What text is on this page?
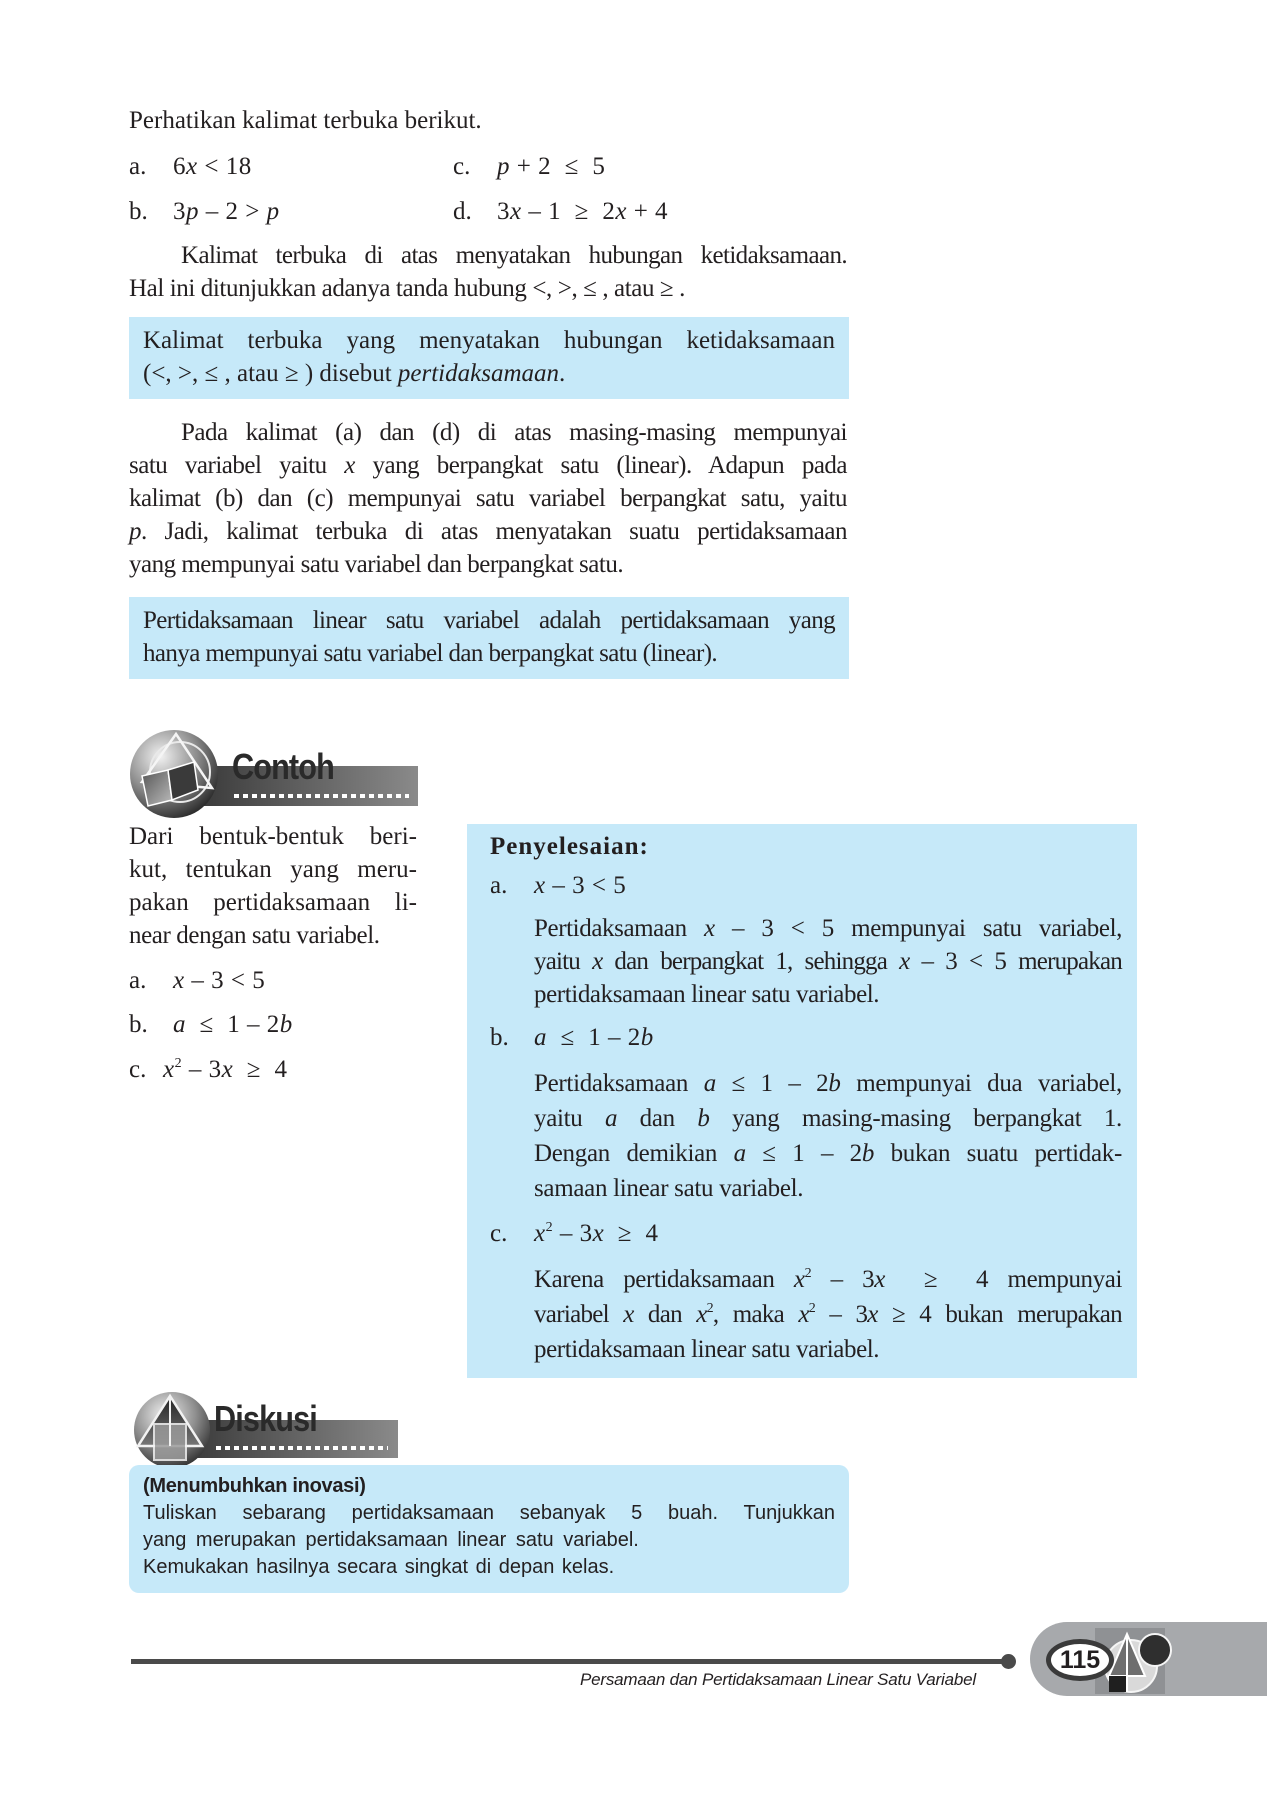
Perhatikan kalimat terbuka berikut.
a. 6x < 18	c. p + 2  ≤  5
b. 3p – 2 > p	d. 3x – 1  ≥  2x + 4
Kalimat terbuka di atas menyatakan hubungan ketidaksamaan.
Hal ini ditunjukkan adanya tanda hubung <, >, ≤ , atau ≥ .
Kalimat terbuka yang menyatakan hubungan ketidaksamaan
(<, >, ≤ , atau ≥ ) disebut pertidaksamaan.
Pada kalimat (a) dan (d) di atas masing-masing mempunyai
satu variabel yaitu x yang berpangkat satu (linear). Adapun pada
kalimat (b) dan (c) mempunyai satu variabel berpangkat satu, yaitu
p. Jadi, kalimat terbuka di atas menyatakan suatu pertidaksamaan
yang mempunyai satu variabel dan berpangkat satu.
Pertidaksamaan linear satu variabel adalah pertidaksamaan yang
hanya mempunyai satu variabel dan berpangkat satu (linear).
Contoh
Dari bentuk-bentuk beri-
kut, tentukan yang meru-
pakan pertidaksamaan li-
near dengan satu variabel.
a. x – 3 < 5
b. a  ≤  1 – 2b
c. $x^2 - 3x \ge 4$
Penyelesaian:
a. x – 3 < 5
Pertidaksamaan x – 3 < 5 mempunyai satu variabel,
yaitu x dan berpangkat 1, sehingga x – 3 < 5 merupakan
pertidaksamaan linear satu variabel.
b. a  ≤  1 – 2b
Pertidaksamaan a ≤ 1 – 2b mempunyai dua variabel,
yaitu a dan b yang masing-masing berpangkat 1.
Dengan demikian a ≤ 1 – 2b bukan suatu pertidak-
samaan linear satu variabel.
c. $x^2 - 3x \ge 4$
Karena pertidaksamaan $x^2 - 3x \ge 4$ mempunyai
variabel x dan $x^2$, maka $x^2 - 3x \ge 4$ bukan merupakan
pertidaksamaan linear satu variabel.
Diskusi
(Menumbuhkan inovasi)
Tuliskan sebarang pertidaksamaan sebanyak 5 buah. Tunjukkan
yang merupakan pertidaksamaan linear satu variabel.
Kemukakan hasilnya secara singkat di depan kelas.
Persamaan dan Pertidaksamaan Linear Satu Variabel
115
